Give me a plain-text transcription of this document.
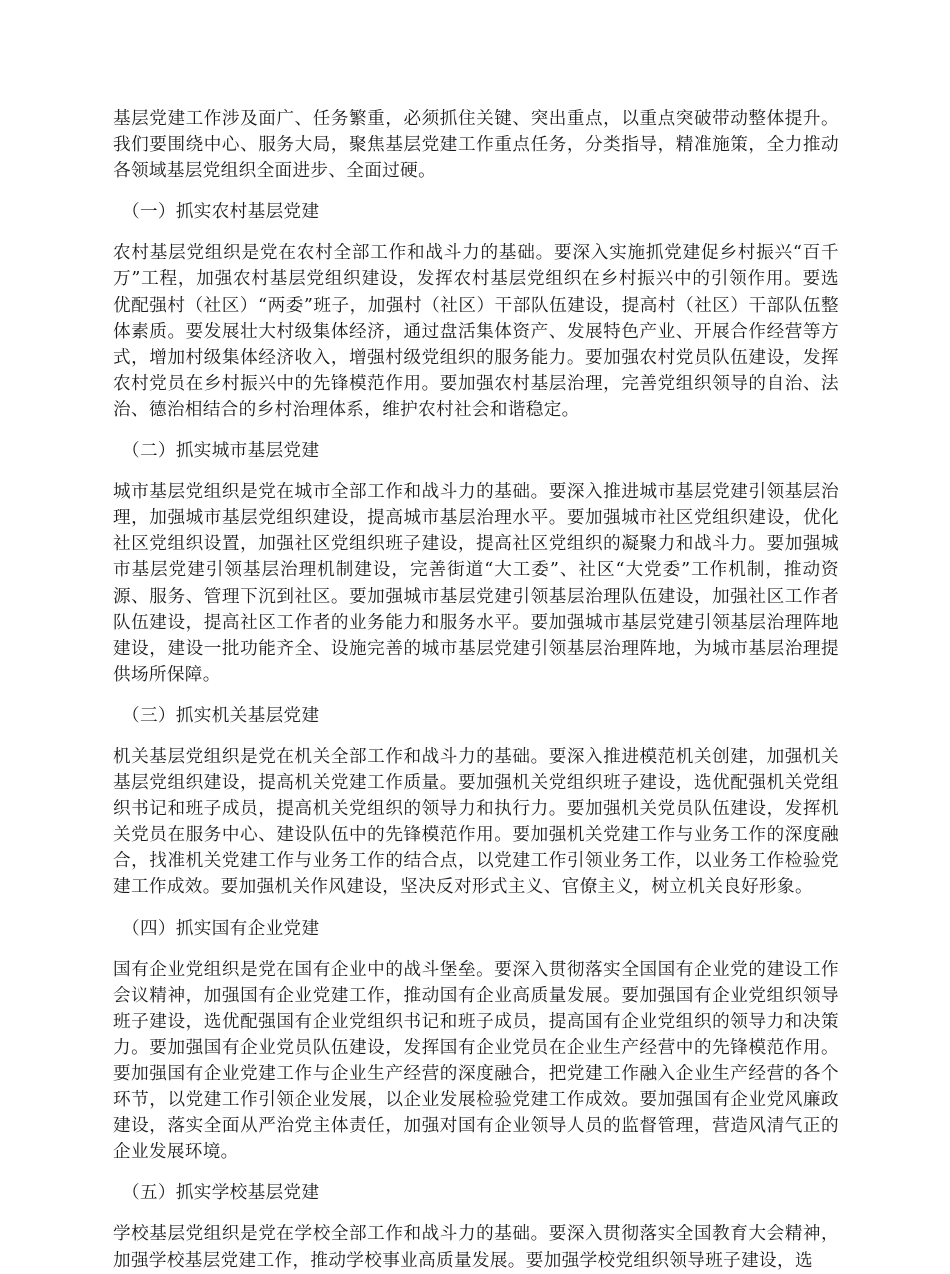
基层党建工作涉及面广、任务繁重，必须抓住关键、突出重点，以重点突破带动整体提升。我们要围绕中心、服务大局，聚焦基层党建工作重点任务，分类指导，精准施策，全力推动各领域基层党组织全面进步、全面过硬。

（一）抓实农村基层党建

农村基层党组织是党在农村全部工作和战斗力的基础。要深入实施抓党建促乡村振兴“百千万”工程，加强农村基层党组织建设，发挥农村基层党组织在乡村振兴中的引领作用。要选优配强村（社区）“两委”班子，加强村（社区）干部队伍建设，提高村（社区）干部队伍整体素质。要发展壮大村级集体经济，通过盘活集体资产、发展特色产业、开展合作经营等方式，增加村级集体经济收入，增强村级党组织的服务能力。要加强农村党员队伍建设，发挥农村党员在乡村振兴中的先锋模范作用。要加强农村基层治理，完善党组织领导的自治、法治、德治相结合的乡村治理体系，维护农村社会和谐稳定。

（二）抓实城市基层党建

城市基层党组织是党在城市全部工作和战斗力的基础。要深入推进城市基层党建引领基层治理，加强城市基层党组织建设，提高城市基层治理水平。要加强城市社区党组织建设，优化社区党组织设置，加强社区党组织班子建设，提高社区党组织的凝聚力和战斗力。要加强城市基层党建引领基层治理机制建设，完善街道“大工委”、社区“大党委”工作机制，推动资源、服务、管理下沉到社区。要加强城市基层党建引领基层治理队伍建设，加强社区工作者队伍建设，提高社区工作者的业务能力和服务水平。要加强城市基层党建引领基层治理阵地建设，建设一批功能齐全、设施完善的城市基层党建引领基层治理阵地，为城市基层治理提供场所保障。

（三）抓实机关基层党建

机关基层党组织是党在机关全部工作和战斗力的基础。要深入推进模范机关创建，加强机关基层党组织建设，提高机关党建工作质量。要加强机关党组织班子建设，选优配强机关党组织书记和班子成员，提高机关党组织的领导力和执行力。要加强机关党员队伍建设，发挥机关党员在服务中心、建设队伍中的先锋模范作用。要加强机关党建工作与业务工作的深度融合，找准机关党建工作与业务工作的结合点，以党建工作引领业务工作，以业务工作检验党建工作成效。要加强机关作风建设，坚决反对形式主义、官僚主义，树立机关良好形象。

（四）抓实国有企业党建

国有企业党组织是党在国有企业中的战斗堡垒。要深入贯彻落实全国国有企业党的建设工作会议精神，加强国有企业党建工作，推动国有企业高质量发展。要加强国有企业党组织领导班子建设，选优配强国有企业党组织书记和班子成员，提高国有企业党组织的领导力和决策力。要加强国有企业党员队伍建设，发挥国有企业党员在企业生产经营中的先锋模范作用。要加强国有企业党建工作与企业生产经营的深度融合，把党建工作融入企业生产经营的各个环节，以党建工作引领企业发展，以企业发展检验党建工作成效。要加强国有企业党风廉政建设，落实全面从严治党主体责任，加强对国有企业领导人员的监督管理，营造风清气正的企业发展环境。

（五）抓实学校基层党建

学校基层党组织是党在学校全部工作和战斗力的基础。要深入贯彻落实全国教育大会精神，加强学校基层党建工作，推动学校事业高质量发展。要加强学校党组织领导班子建设，选
